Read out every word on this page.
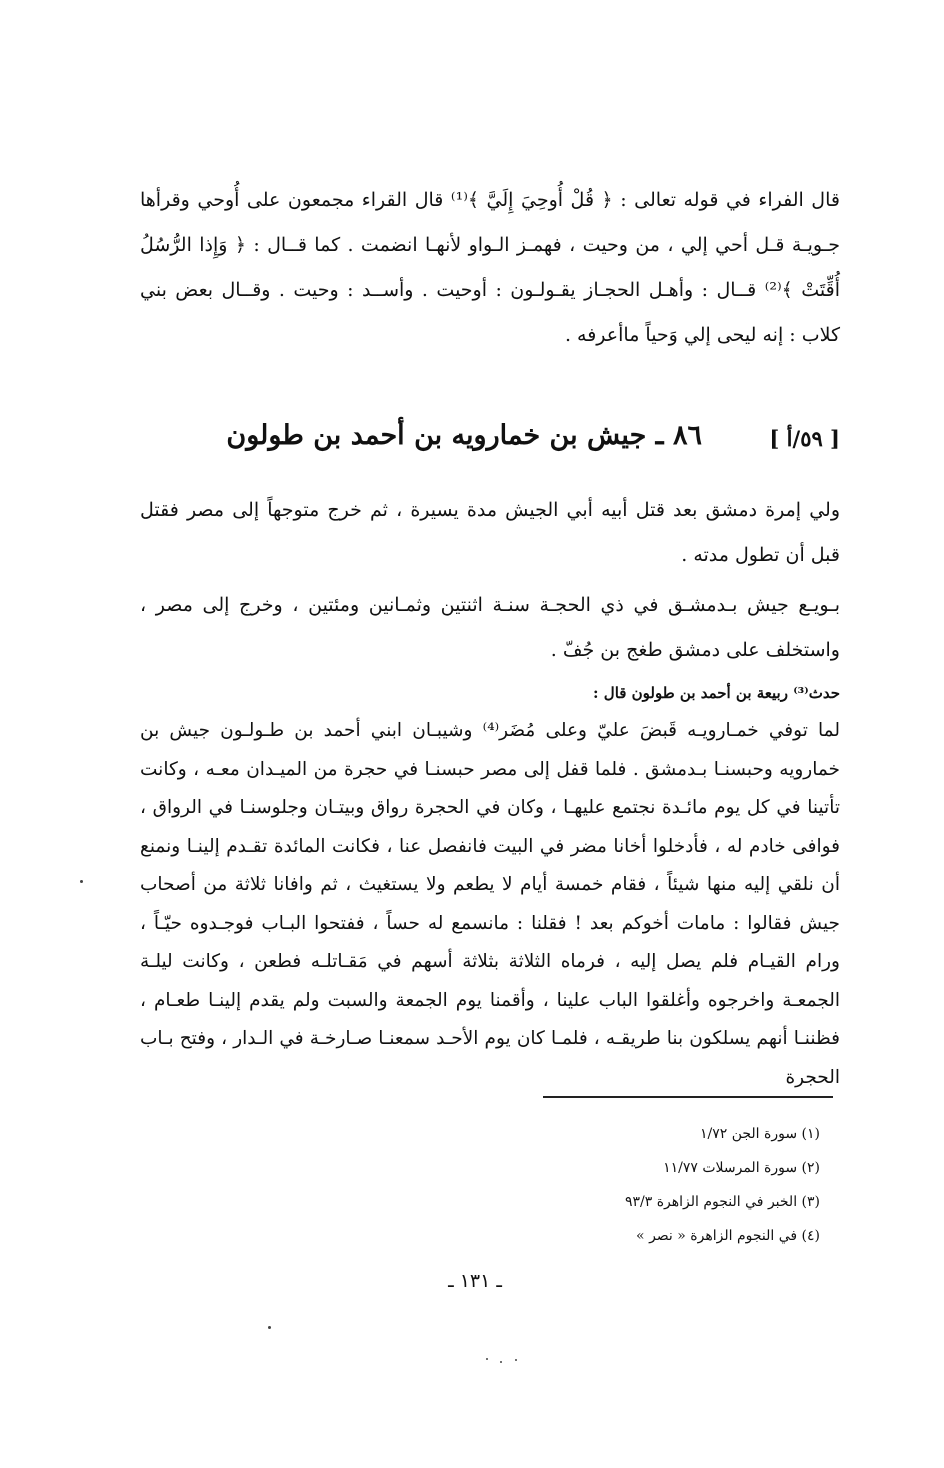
قال الفراء في قوله تعالى : ﴿ قُلْ أُوحِيَ إِلَيَّ ﴾⁽¹⁾ قال القراء مجمعون على أُوحي وقرأها جـويـة قـل أحي إلي ، من وحيت ، فهمـز الـواو لأنهـا انضمت . كما قــال : ﴿ وَإِذا الرُّسُلُ أُقِّتَتْ ﴾⁽²⁾ قــال : وأهـل الحجـاز يقـولـون : أوحيت . وأســد : وحيت . وقــال بعض بني كلاب : إنه ليحى إلي وَحياً ماأعرفه .
[ ٥٩/أ ]
٨٦ ـ جيش بن خمارويه بن أحمد بن طولون
ولي إمرة دمشق بعد قتل أبيه أبي الجيش مدة يسيرة ، ثم خرج متوجهاً إلى مصر فقتل قبل أن تطول مدته .
بـويـع جيش بـدمشـق في ذي الحجـة سنـة اثنتين وثمـانين ومئتين ، وخرج إلى مصر ، واستخلف على دمشق طغج بن جُفّ .
حدث⁽³⁾ ربيعة بن أحمد بن طولون قال :
لما توفي خمـارويـه قَبضَ عليّ وعلى مُضَر⁽⁴⁾ وشيبـان ابني أحمد بن طـولـون جيش بن خمارويه وحبسنـا بـدمشق . فلما قفل إلى مصر حبسنـا في حجرة من الميـدان معـه ، وكانت تأتينا في كل يوم مائـدة نجتمع عليهـا ، وكان في الحجرة رواق وبيتـان وجلوسنـا في الرواق ، فوافى خادم له ، فأدخلوا أخانا مضر في البيت فانفصل عنا ، فكانت المائدة تقـدم إلينـا ونمنع أن نلقي إليه منها شيئاً ، فقام خمسة أيام لا يطعم ولا يستغيث ، ثم وافانا ثلاثة من أصحاب جيش فقالوا : مامات أخوكم بعد ! فقلنا : مانسمع له حساً ، ففتحوا البـاب فوجـدوه حيّـاً ، ورام القيـام فلم يصل إليه ، فرماه الثلاثة بثلاثة أسهم في مَقـاتلـه فطعن ، وكانت ليلـة الجمعـة واخرجوه وأغلقوا الباب علينا ، وأقمنا يوم الجمعة والسبت ولم يقدم إلينـا طعـام ، فظننـا أنهم يسلكون بنا طريقـه ، فلمـا كان يوم الأحـد سمعنـا صـارخـة في الـدار ، وفتح بـاب الحجرة
(١) سورة الجن ١/٧٢
(٢) سورة المرسلات ١١/٧٧
(٣) الخبر في النجوم الزاهرة ٩٣/٣
(٤) في النجوم الزاهرة « نصر »
ـ ١٣١ ـ
